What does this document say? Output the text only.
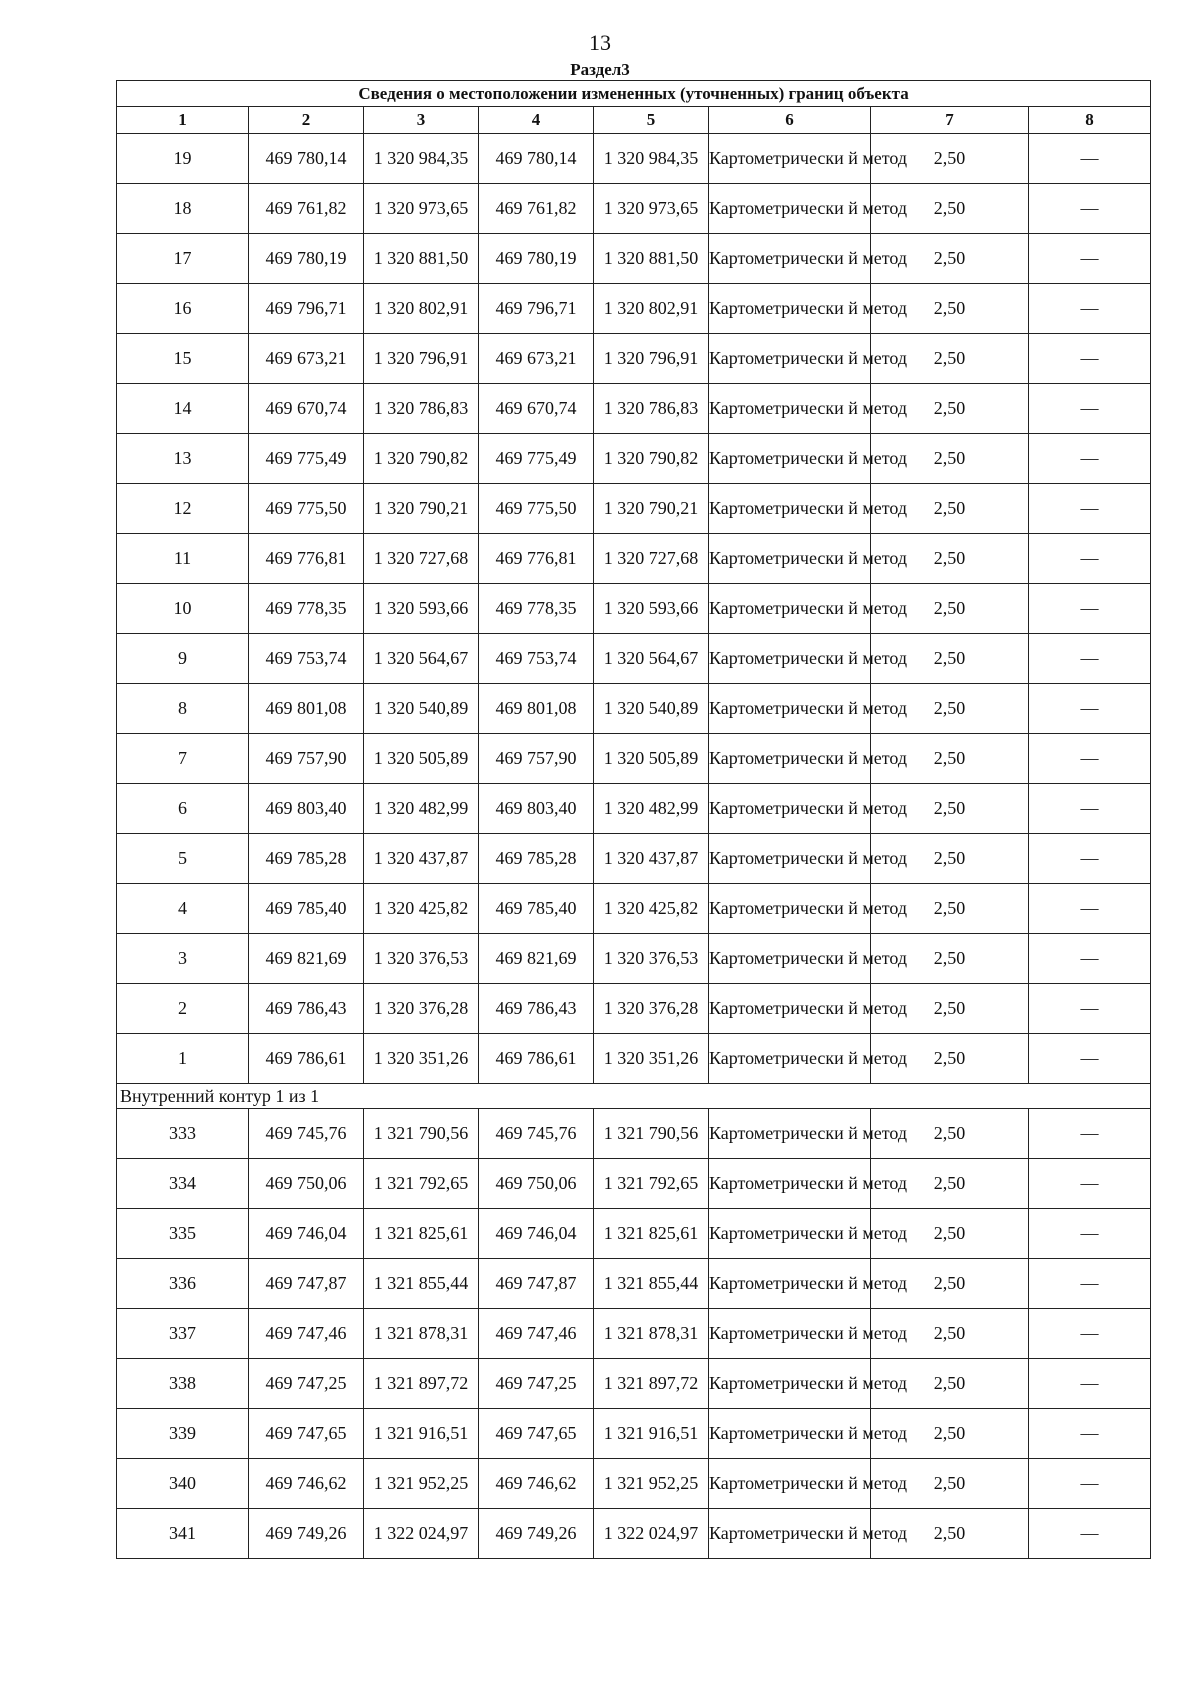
13
Раздел3
Сведения о местоположении измененных (уточненных) границ объекта							
1	2	3	4	5	6	7	8
19	469 780,14	1 320 984,35	469 780,14	1 320 984,35	Картометрически й метод	2,50	—
18	469 761,82	1 320 973,65	469 761,82	1 320 973,65	Картометрически й метод	2,50	—
17	469 780,19	1 320 881,50	469 780,19	1 320 881,50	Картометрически й метод	2,50	—
16	469 796,71	1 320 802,91	469 796,71	1 320 802,91	Картометрически й метод	2,50	—
15	469 673,21	1 320 796,91	469 673,21	1 320 796,91	Картометрически й метод	2,50	—
14	469 670,74	1 320 786,83	469 670,74	1 320 786,83	Картометрически й метод	2,50	—
13	469 775,49	1 320 790,82	469 775,49	1 320 790,82	Картометрически й метод	2,50	—
12	469 775,50	1 320 790,21	469 775,50	1 320 790,21	Картометрически й метод	2,50	—
11	469 776,81	1 320 727,68	469 776,81	1 320 727,68	Картометрически й метод	2,50	—
10	469 778,35	1 320 593,66	469 778,35	1 320 593,66	Картометрически й метод	2,50	—
9	469 753,74	1 320 564,67	469 753,74	1 320 564,67	Картометрически й метод	2,50	—
8	469 801,08	1 320 540,89	469 801,08	1 320 540,89	Картометрически й метод	2,50	—
7	469 757,90	1 320 505,89	469 757,90	1 320 505,89	Картометрически й метод	2,50	—
6	469 803,40	1 320 482,99	469 803,40	1 320 482,99	Картометрически й метод	2,50	—
5	469 785,28	1 320 437,87	469 785,28	1 320 437,87	Картометрически й метод	2,50	—
4	469 785,40	1 320 425,82	469 785,40	1 320 425,82	Картометрически й метод	2,50	—
3	469 821,69	1 320 376,53	469 821,69	1 320 376,53	Картометрически й метод	2,50	—
2	469 786,43	1 320 376,28	469 786,43	1 320 376,28	Картометрически й метод	2,50	—
1	469 786,61	1 320 351,26	469 786,61	1 320 351,26	Картометрически й метод	2,50	—
Внутренний контур 1 из 1							
333	469 745,76	1 321 790,56	469 745,76	1 321 790,56	Картометрически й метод	2,50	—
334	469 750,06	1 321 792,65	469 750,06	1 321 792,65	Картометрически й метод	2,50	—
335	469 746,04	1 321 825,61	469 746,04	1 321 825,61	Картометрически й метод	2,50	—
336	469 747,87	1 321 855,44	469 747,87	1 321 855,44	Картометрически й метод	2,50	—
337	469 747,46	1 321 878,31	469 747,46	1 321 878,31	Картометрически й метод	2,50	—
338	469 747,25	1 321 897,72	469 747,25	1 321 897,72	Картометрически й метод	2,50	—
339	469 747,65	1 321 916,51	469 747,65	1 321 916,51	Картометрически й метод	2,50	—
340	469 746,62	1 321 952,25	469 746,62	1 321 952,25	Картометрически й метод	2,50	—
341	469 749,26	1 322 024,97	469 749,26	1 322 024,97	Картометрически й метод	2,50	—
